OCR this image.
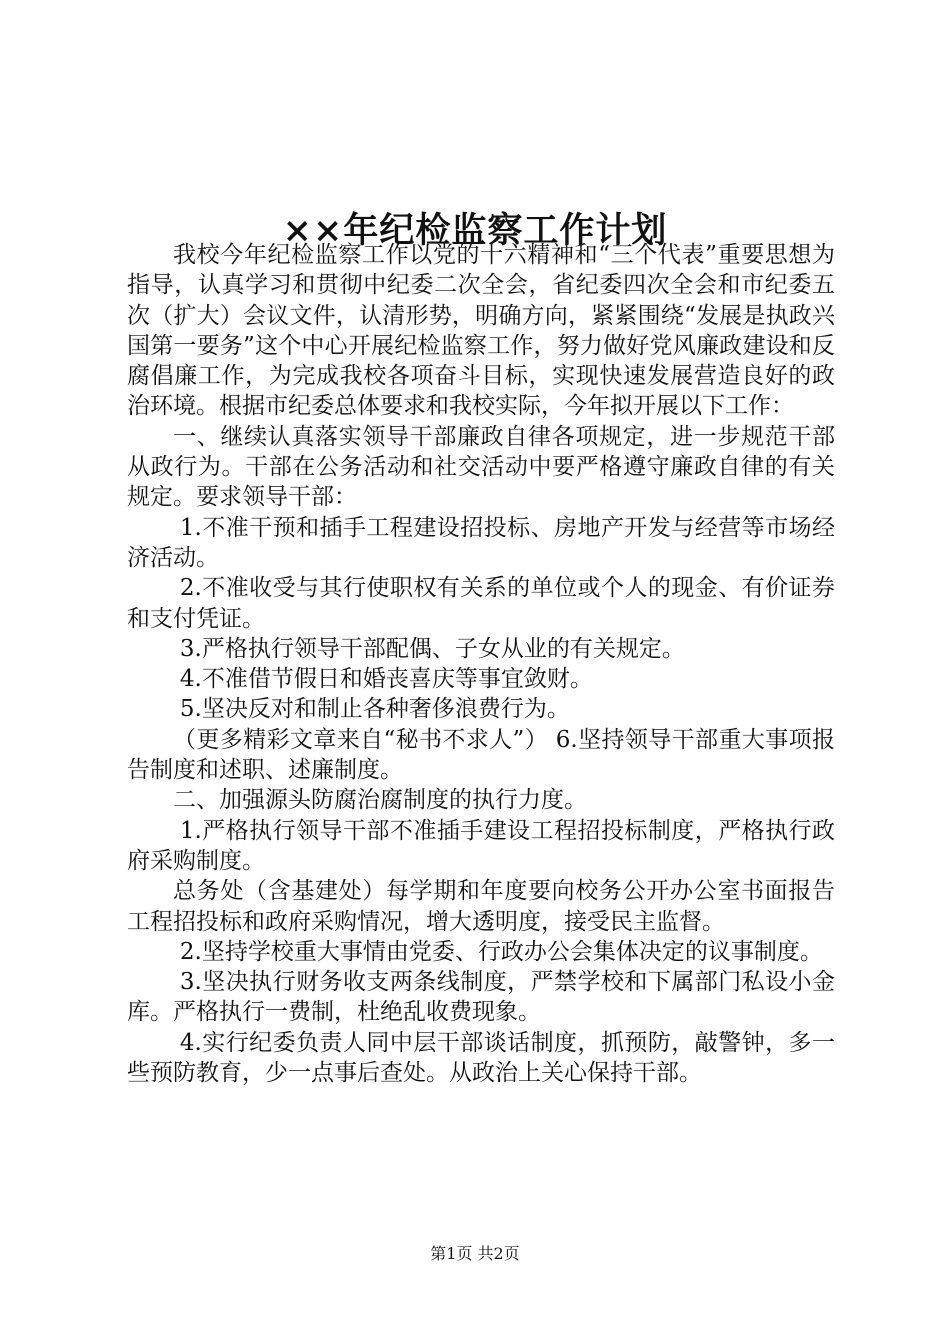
××年纪检监察工作计划

我校今年纪检监察工作以党的十六精神和“三个代表”重要思想为指导，认真学习和贯彻中纪委二次全会，省纪委四次全会和市纪委五次（扩大）会议文件，认清形势，明确方向，紧紧围绕“发展是执政兴国第一要务”这个中心开展纪检监察工作，努力做好党风廉政建设和反腐倡廉工作，为完成我校各项奋斗目标，实现快速发展营造良好的政治环境。根据市纪委总体要求和我校实际，今年拟开展以下工作：

一、继续认真落实领导干部廉政自律各项规定，进一步规范干部从政行为。干部在公务活动和社交活动中要严格遵守廉政自律的有关规定。要求领导干部：

1.不准干预和插手工程建设招投标、房地产开发与经营等市场经济活动。

2.不准收受与其行使职权有关系的单位或个人的现金、有价证券和支付凭证。

3.严格执行领导干部配偶、子女从业的有关规定。

4.不准借节假日和婚丧喜庆等事宜敛财。

5.坚决反对和制止各种奢侈浪费行为。

（更多精彩文章来自“秘书不求人”） 6.坚持领导干部重大事项报告制度和述职、述廉制度。

二、加强源头防腐治腐制度的执行力度。

1.严格执行领导干部不准插手建设工程招投标制度，严格执行政府采购制度。

总务处（含基建处）每学期和年度要向校务公开办公室书面报告工程招投标和政府采购情况，增大透明度，接受民主监督。

2.坚持学校重大事情由党委、行政办公会集体决定的议事制度。

3.坚决执行财务收支两条线制度，严禁学校和下属部门私设小金库。严格执行一费制，杜绝乱收费现象。

4.实行纪委负责人同中层干部谈话制度，抓预防，敲警钟，多一些预防教育，少一点事后查处。从政治上关心保持干部。

第1页 共2页
